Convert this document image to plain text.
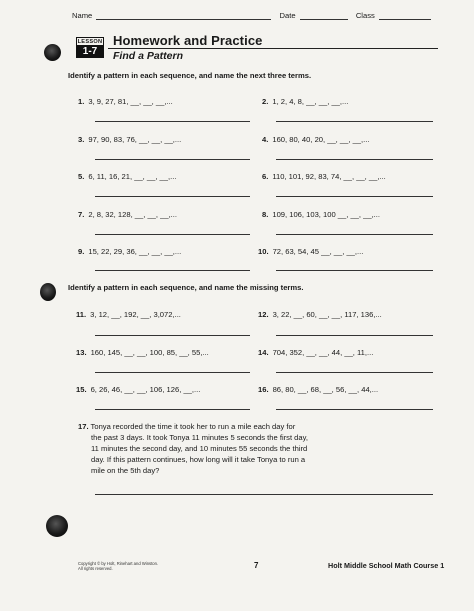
Name	Date	Class
LESSON
1-7
Homework and Practice
Find a Pattern
Identify a pattern in each sequence, and name the next three terms.
1. 3, 9, 27, 81, __, __, __,...	2. 1, 2, 4, 8, __, __, __,...
3. 97, 90, 83, 76, __, __, __,...	4. 160, 80, 40, 20, __, __, __,...
5. 6, 11, 16, 21, __, __, __,...	6. 110, 101, 92, 83, 74, __, __, __,...
7. 2, 8, 32, 128, __, __, __,...	8. 109, 106, 103, 100 __, __, __,...
9. 15, 22, 29, 36, __, __, __,...	10. 72, 63, 54, 45 __, __, __,...
Identify a pattern in each sequence, and name the missing terms.
11. 3, 12, __, 192, __, 3,072,...	12. 3, 22, __, 60, __, __, 117, 136,...
13. 160, 145, __, __, 100, 85, __, 55,...	14. 704, 352, __, __, 44, __, 11,...
15. 6, 26, 46, __, __, 106, 126, __,...	16. 86, 80, __, 68, __, 56, __, 44,...
17. Tonya recorded the time it took her to run a mile each day for
the past 3 days. It took Tonya 11 minutes 5 seconds the first day,
11 minutes the second day, and 10 minutes 55 seconds the third
day. If this pattern continues, how long will it take Tonya to run a
mile on the 5th day?
Copyright © by Holt, Rinehart and Winston.
All rights reserved.	7	Holt Middle School Math Course 1
